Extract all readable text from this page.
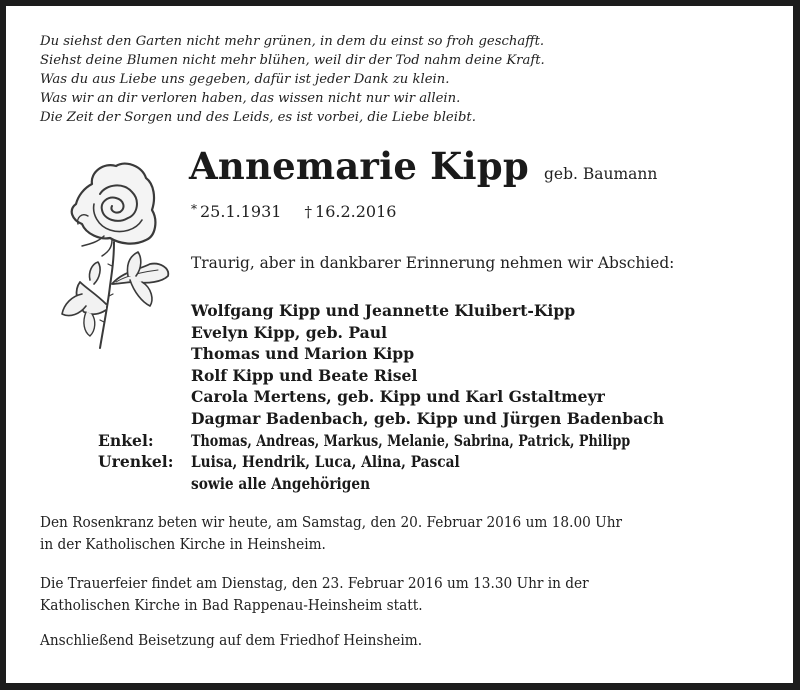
Du siehst den Garten nicht mehr grünen, in dem du einst so froh geschafft.
Siehst deine Blumen nicht mehr blühen, weil dir der Tod nahm deine Kraft.
Was du aus Liebe uns gegeben, dafür ist jeder Dank zu klein.
Was wir an dir verloren haben, das wissen nicht nur wir allein.
Die Zeit der Sorgen und des Leids, es ist vorbei, die Liebe bleibt.
Annemarie Kipp geb. Baumann
* 25.1.1931 † 16.2.2016
Traurig, aber in dankbarer Erinnerung nehmen wir Abschied:
Wolfgang Kipp und Jeannette Kluibert-Kipp
Evelyn Kipp, geb. Paul
Thomas und Marion Kipp
Rolf Kipp und Beate Risel
Carola Mertens, geb. Kipp und Karl Gstaltmeyr
Dagmar Badenbach, geb. Kipp und Jürgen Badenbach
Enkel:	Thomas, Andreas, Markus, Melanie, Sabrina, Patrick, Philipp
Urenkel:	Luisa, Hendrik, Luca, Alina, Pascal
sowie alle Angehörigen
Den Rosenkranz beten wir heute, am Samstag, den 20. Februar 2016 um 18.00 Uhr
in der Katholischen Kirche in Heinsheim.
Die Trauerfeier findet am Dienstag, den 23. Februar 2016 um 13.30 Uhr in der
Katholischen Kirche in Bad Rappenau-Heinsheim statt.
Anschließend Beisetzung auf dem Friedhof Heinsheim.
